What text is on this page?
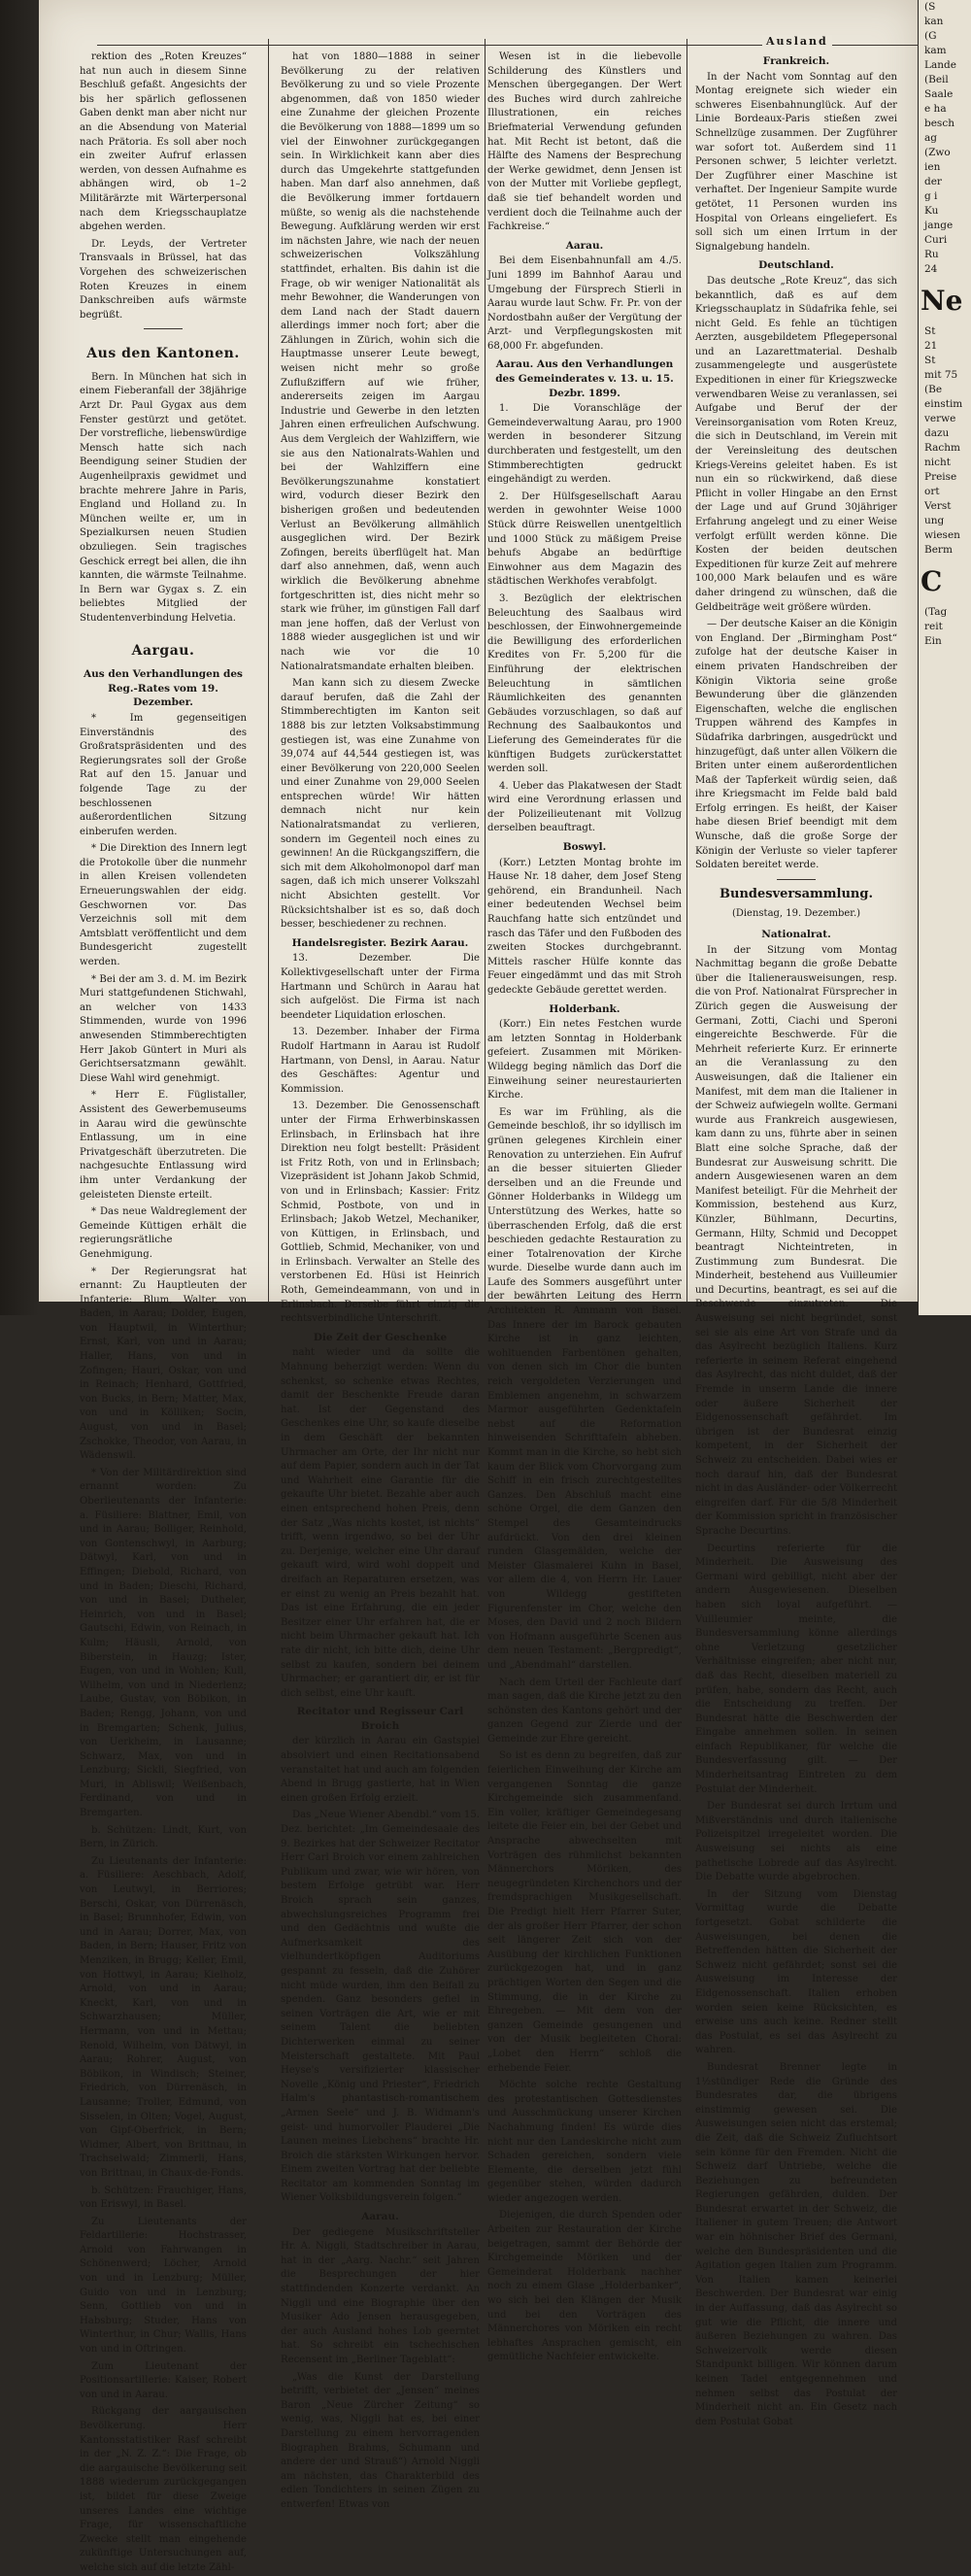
Ausland

rektion des „Roten Kreuzes“ hat nun auch in diesem Sinne Beschluß gefaßt. Angesichts der bis her spärlich geflossenen Gaben denkt man aber nicht nur an die Absendung von Material nach Prätoria. Es soll aber noch ein zweiter Aufruf erlassen werden, von dessen Aufnahme es abhängen wird, ob 1–2 Militärärzte mit Wärterpersonal nach dem Kriegsschauplatze abgehen werden.

Dr. Leyds, der Vertreter Transvaals in Brüssel, hat das Vorgehen des schweizerischen Roten Kreuzes in einem Dankschreiben aufs wärmste begrüßt.

Aus den Kantonen.

Bern. In München hat sich in einem Fieberanfall der 38jährige Arzt Dr. Paul Gygax aus dem Fenster gestürzt und getötet. Der vorstrefliche, liebenswürdige Mensch hatte sich nach Beendigung seiner Studien der Augenheilpraxis gewidmet und brachte mehrere Jahre in Paris, England und Holland zu. In München weilte er, um in Spezialkursen neuen Studien obzuliegen. Sein tragisches Geschick erregt bei allen, die ihn kannten, die wärmste Teilnahme. In Bern war Gygax s. Z. ein beliebtes Mitglied der Studentenverbindung Helvetia.

Aargau.
Aus den Verhandlungen des Reg.-Rates vom 19. Dezember.

* Im gegenseitigen Einverständnis des Großratspräsidenten und des Regierungsrates soll der Große Rat auf den 15. Januar und folgende Tage zu der beschlossenen außerordentlichen Sitzung einberufen werden.

* Die Direktion des Innern legt die Protokolle über die nunmehr in allen Kreisen vollendeten Erneuerungswahlen der eidg. Geschwornen vor. Das Verzeichnis soll mit dem Amtsblatt veröffentlicht und dem Bundesgericht zugestellt werden.

* Bei der am 3. d. M. im Bezirk Muri stattgefundenen Stichwahl, an welcher von 1433 Stimmenden, wurde von 1996 anwesenden Stimmberechtigten Herr Jakob Güntert in Muri als Gerichtsersatzmann gewählt. Diese Wahl wird genehmigt.

* Herr E. Füglistaller, Assistent des Gewerbemuseums in Aarau wird die gewünschte Entlassung, um in eine Privatgeschäft überzutreten. Die nachgesuchte Entlassung wird ihm unter Verdankung der geleisteten Dienste erteilt.

* Das neue Waldreglement der Gemeinde Küttigen erhält die regierungsrätliche Genehmigung.

* Der Regierungsrat hat ernannt: Zu Hauptleuten der Infanterie: Blum, Walter, von Baden, in Aarau; Dolder, Eugen, von Hauptwil, in Winterthur; Ernst, Karl, von und in Aarau; Haller, Hans, von und in Zofingen; Hauri, Oskar, von und in Reinach; Henhard, Gottfried, von Bucks, in Bern; Matter, Max, von und in Kölliken; Socin, August, von und in Basel; Zschokke, Theodor, von Aarau, in Wädenswil.

* Von der Militärdirektion sind ernannt worden: Zu Oberlieutenants der Infanterie: a. Füsiliere: Blattner, Emil, von und in Aarau; Bolliger, Reinhold, von Gontenschwyl, in Aarburg; Dätwyl, Karl, von und in Effingen; Diebold, Richard, von und in Baden; Dieschi, Richard, von und in Basel; Dutheler, Heinrich, von und in Basel; Gautschi, Edwin, von Reinach, in Kulm; Häusli, Arnold, von Biberstein, in Hauzg; Ister, Eugen, von und in Wohlen; Kull, Wilhelm, von und in Niederlenz; Laube, Gustav, von Böbikon, in Baden; Rengg, Johann, von und in Bremgarten; Schenk, Julius, von Uerkheim, in Lausanne; Schwarz, Max, von und in Lenzburg; Sickli, Siegfried, von Muri, in Abliswil; Weißenbach, Ferdinand, von und in Bremgarten.

b. Schützen: Lindt, Kurt, von Bern, in Zürich.

Zu Lieutenants der Infanterie: a. Füsiliere: Aeschbach, Adolf, von Leutwyl, in Berriores; Berschi, Oskar, von Dürrenäsch, in Basel; Brunnhofer, Edwin, von und in Aarau; Dorrer, Max, von Baden, in Bern; Hauser, Fritz von Menziken, in Brugg; Keller, Emil, von Hottwyl, in Aarau; Kielholz, Arnold, von und in Aarau; Kneckt, Karl, von und in Schwarzhausen; Müller, Hermann, von und in Mettau; Renold, Wilhelm, von Dätwyl, in Aarau; Rohrer, August, von Böbikon, in Windisch; Steiner, Friedrich, von Dürrenäsch, in Lausanne; Troller, Edmund, von Sisselen, in Olten; Vogel, August, von Gipf-Oberfrick, in Bern; Widmer, Albert, von Brittnau, in Trachselwald; Zimmerli, Hans, von Brittnau, in Chaux-de-Fonds.

b. Schützen: Frauchiger, Hans, von Eriswyl, in Basel.

Zu Lieutenants der Feldartillerie: Hochstrasser, Arnold von Fahrwangen in Schönenwerd; Löcher, Arnold von und in Lenzburg; Müller, Guido von und in Lenzburg; Senn, Gottlieb von und in Habsburg; Studer, Hans von Winterthur, in Chur; Wallis, Hans von und in Oftringen.

Zum Lieutenant der Positionsartillerie: Kaiser, Robert von und in Aarau.

Rückgang der aargauischen Bevölkerung. Herr Kantonsstatistiker Rasf schreibt in der „N. Z. Z.“: Die Frage, ob die aargauische Bevölkerung seit 1888 wiederum zurückgegangen ist, bildet für diese Zweige unseres Landes eine wichtige Frage, für wissenschaftliche Zwecke stellt man eingehende zukünftige Untersuchungen auf, welche sich auf die letzte Zähl-

hat von 1880—1888 in seiner Bevölkerung zu der relativen Bevölkerung zu und so viele Prozente abgenommen, daß von 1850 wieder eine Zunahme der gleichen Prozente die Bevölkerung von 1888—1899 um so viel der Einwohner zurückgegangen sein. In Wirklichkeit kann aber dies durch das Umgekehrte stattgefunden haben. Man darf also annehmen, daß die Bevölkerung immer fortdauern müßte, so wenig als die nachstehende Bewegung. Aufklärung werden wir erst im nächsten Jahre, wie nach der neuen schweizerischen Volkszählung stattfindet, erhalten. Bis dahin ist die Frage, ob wir weniger Nationalität als mehr Bewohner, die Wanderungen von dem Land nach der Stadt dauern allerdings immer noch fort; aber die Zählungen in Zürich, wohin sich die Hauptmasse unserer Leute bewegt, weisen nicht mehr so große Zuflußziffern auf wie früher, andererseits zeigen im Aargau Industrie und Gewerbe in den letzten Jahren einen erfreulichen Aufschwung. Aus dem Vergleich der Wahlziffern, wie sie aus den Nationalrats-Wahlen und bei der Wahlziffern eine Bevölkerungszunahme konstatiert wird, vodurch dieser Bezirk den bisherigen großen und bedeutenden Verlust an Bevölkerung allmählich ausgeglichen wird. Der Bezirk Zofingen, bereits überflügelt hat. Man darf also annehmen, daß, wenn auch wirklich die Bevölkerung abnehme fortgeschritten ist, dies nicht mehr so stark wie früher, im günstigen Fall darf man jene hoffen, daß der Verlust von 1888 wieder ausgeglichen ist und wir nach wie vor die 10 Nationalratsmandate erhalten bleiben.

Man kann sich zu diesem Zwecke darauf berufen, daß die Zahl der Stimmberechtigten im Kanton seit 1888 bis zur letzten Volksabstimmung gestiegen ist, was eine Zunahme von 39,074 auf 44,544 gestiegen ist, was einer Bevölkerung von 220,000 Seelen und einer Zunahme von 29,000 Seelen entsprechen würde! Wir hätten demnach nicht nur kein Nationalratsmandat zu verlieren, sondern im Gegenteil noch eines zu gewinnen! An die Rückgangsziffern, die sich mit dem Alkoholmonopol darf man sagen, daß ich mich unserer Volkszahl nicht Absichten gestellt. Vor Rücksichtshalber ist es so, daß doch besser, beschiedener zu rechnen.

Handelsregister. Bezirk Aarau.

13. Dezember. Die Kollektivgesellschaft unter der Firma Hartmann und Schürch in Aarau hat sich aufgelöst. Die Firma ist nach beendeter Liquidation erloschen.

13. Dezember. Inhaber der Firma Rudolf Hartmann in Aarau ist Rudolf Hartmann, von Densl, in Aarau. Natur des Geschäftes: Agentur und Kommission.

13. Dezember. Die Genossenschaft unter der Firma Erhwerbinskassen Erlinsbach, in Erlinsbach hat ihre Direktion neu folgt bestellt: Präsident ist Fritz Roth, von und in Erlinsbach; Vizepräsident ist Johann Jakob Schmid, von und in Erlinsbach; Kassier: Fritz Schmid, Postbote, von und in Erlinsbach; Jakob Wetzel, Mechaniker, von Küttigen, in Erlinsbach, und Gottlieb, Schmid, Mechaniker, von und in Erlinsbach. Verwalter an Stelle des verstorbenen Ed. Hüsi ist Heinrich Roth, Gemeindeammann, von und in Erlinsbach. Derselbe führt einzig die rechtsverbindliche Unterschrift.

Die Zeit der Geschenke

naht wieder und da sollte die Mahnung beherzigt werden: Wenn du schenkst, so schenke etwas Rechtes, damit der Beschenkte Freude daran hat. Ist der Gegenstand des Geschenkes eine Uhr, so kaufe dieselbe in dem Geschäft der bekannten Uhrmacher am Orte, der Ihr nicht nur auf dem Papier, sondern auch in der Tat und Wahrheit eine Garantie für die gekaufte Uhr bietet. Bezahle aber auch einen entsprechend hohen Preis, denn der Satz „Was nichts kostet, ist nichts“ trifft, wenn irgendwo, so bei der Uhr zu. Derjenige, welcher eine Uhr darauf gekauft wird, wird wohl doppelt und dreifach an Reparaturen ersetzen, was er einst zu wenig an Preis bezahlt hat. Das ist eine Erfahrung, die ein jeder Besitzer einer Uhr erfahren hat, die er nicht beim Uhrmacher gekauft hat. Ich rate dir nicht, ich bitte dich, deine Uhr selbst zu kaufen, sondern bei deinem Uhrmacher; er garantiert dir, er ist für dich selbst, eine Uhr kauft.

Recitator und Regisseur Carl Broich

der kürzlich in Aarau ein Gastspiel absolviert und einen Recitationsabend veranstaltet hat und auch am folgenden Abend in Brugg gastierte, hat in Wien einen großen Erfolg erzielt.

Das „Neue Wiener Abendbl.“ vom 15. Dez. berichtet: „Im Gemeindesaale des 9. Bezirkes hat der Schweizer Recitator Herr Carl Broich vor einem zahlreichen Publikum und zwar, wie wir hören, von bestem Erfolge getrübt war. Herr Broich sprach sein ganzes, abwechslungsreiches Programm frei und den Gedächtnis und wußte die Aufmerksamkeit des vielhundertköpfigen Auditoriums gespannt zu fesseln, daß die Zuhörer nicht müde wurden, ihm den Beifall zu spenden. Ganz besonders gefiel in seinen Vorträgen die Art, wie er mit seinem Talent die beliebten Dichterwerken einmal zu seiner Meisterschaft gestaltete. Mit Paul Heyse's versifizierter klassischer Novelle „König und Priester“, Friedrich Halm's phantastisch-romantischem „Armen Seele“ und J. B. Widmann's geist- und humorvoller Plauderei „Die Launen meines Liebchens“ brachte Hr. Broich die stärksten Wirkungen hervor. Einem zweiten Vortrag hat der beliebte Recitator am kommenden Sonntag im Wiener Volksbildungsverein folgen.“

Aarau.

Der gediegene Musikschriftsteller Hr. A. Niggli, Stadtschreiber in Aarau, hat in der „Aarg. Nachr.“ seit Jahren die Besprechungen der hier stattfindenden Konzerte verdankt. An Niggli und eine Biographie über den Musiker Ado Jensen herausgegeben, der auch Ausland hohes Lob geerntet hat. So schreibt ein tschechischen Recensent im „Berliner Tageblatt“:

„Was die Kunst der Darstellung betrifft, verbietet der „Jensen“ meines Baron „Neue Zürcher Zeitung“ so wenig, was, Niggli hat es, bei einer Darstellung zu einem hervorragenden Biographen Brahms, Schumann und andere der und Strauß“) Arnold Niggli am nächsten, das Charakterbild des edlen Tondichters in seinen Zügen zu entwerfen! Etwas von

Wesen ist in die liebevolle Schilderung des Künstlers und Menschen übergegangen. Der Wert des Buches wird durch zahlreiche Illustrationen, ein reiches Briefmaterial Verwendung gefunden hat. Mit Recht ist betont, daß die Hälfte des Namens der Besprechung der Werke gewidmet, denn Jensen ist von der Mutter mit Vorliebe gepflegt, daß sie tief behandelt worden und verdient doch die Teilnahme auch der Fachkreise.“

Aarau.

Bei dem Eisenbahnunfall am 4./5. Juni 1899 im Bahnhof Aarau und Umgebung der Fürsprech Stierli in Aarau wurde laut Schw. Fr. Pr. von der Nordostbahn außer der Vergütung der Arzt- und Verpflegungskosten mit 68,000 Fr. abgefunden.

Aarau. Aus den Verhandlungen des Gemeinderates v. 13. u. 15. Dezbr. 1899.

1. Die Voranschläge der Gemeindeverwaltung Aarau, pro 1900 werden in besonderer Sitzung durchberaten und festgestellt, um den Stimmberechtigten gedruckt eingehändigt zu werden.

2. Der Hülfsgesellschaft Aarau werden in gewohnter Weise 1000 Stück dürre Reiswellen unentgeltlich und 1000 Stück zu mäßigem Preise behufs Abgabe an bedürftige Einwohner aus dem Magazin des städtischen Werkhofes verabfolgt.

3. Bezüglich der elektrischen Beleuchtung des Saalbaus wird beschlossen, der Einwohnergemeinde die Bewilligung des erforderlichen Kredites von Fr. 5,200 für die Einführung der elektrischen Beleuchtung in sämtlichen Räumlichkeiten des genannten Gebäudes vorzuschlagen, so daß auf Rechnung des Saalbaukontos und Lieferung des Gemeinderates für die künftigen Budgets zurückerstattet werden soll.

4. Ueber das Plakatwesen der Stadt wird eine Verordnung erlassen und der Polizeilieutenant mit Vollzug derselben beauftragt.

Boswyl.

(Korr.) Letzten Montag brohte im Hause Nr. 18 daher, dem Josef Steng gehörend, ein Brandunheil. Nach einer bedeutenden Wechsel beim Rauchfang hatte sich entzündet und rasch das Täfer und den Fußboden des zweiten Stockes durchgebrannt. Mittels rascher Hülfe konnte das Feuer eingedämmt und das mit Stroh gedeckte Gebäude gerettet werden.

Holderbank.

(Korr.) Ein netes Festchen wurde am letzten Sonntag in Holderbank gefeiert. Zusammen mit Möriken-Wildegg beging nämlich das Dorf die Einweihung seiner neurestaurierten Kirche.

Es war im Frühling, als die Gemeinde beschloß, ihr so idyllisch im grünen gelegenes Kirchlein einer Renovation zu unterziehen. Ein Aufruf an die besser situierten Glieder derselben und an die Freunde und Gönner Holderbanks in Wildegg um Unterstützung des Werkes, hatte so überraschenden Erfolg, daß die erst beschieden gedachte Restauration zu einer Totalrenovation der Kirche wurde. Dieselbe wurde dann auch im Laufe des Sommers ausgeführt unter der bewährten Leitung des Herrn Architekten R. Ammann von Basel. Das Innere der im Barock gebauten Kirche ist in ganz leichten, wohltuenden Farbentönen gehalten, von denen sich im Chor die bunten reich vergoldeten Verzierungen und Emblemen angenehm, in schwarzem Marmor ausgeführten Gedenktafeln nebst auf die Reformation hinweisenden Schrifttafeln abheben. Kommt man in die Kirche, so hebt sich kaum der Blick vom Chorvorgang zum Schiff in ein frisch zurechtgestelltes Ganzes. Den Abschluß macht eine schöne Orgel, die dem Ganzen den Stempel des Gesamteindrucks aufdrückt. Von den drei kleinen runden Glasgemälden, welche der Meister Glasmalerei Kuhn in Basel, vor allem die 4, von Herrn Hr. Lauer von Wildegg gestifteten Figurenfenster im Chor, welche den Moses, den David und 2 noch Bildern von Hofmann ausgeführte Scenen aus dem neuen Testament: „Bergpredigt“, und „Abendmahl“ darstellen.

Nach dem Urteil der Fachleute darf man sagen, daß die Kirche jetzt zu den schönsten des Kantons gehört und der ganzen Gegend zur Zierde und der Gemeinde zur Ehre gereicht.

So ist es denn zu begreifen, daß zur feierlichen Einweihung der Kirche am vergangenen Sonntag die ganze Kirchgemeinde sich zusammenfand. Ein voller, kräftiger Gemeindegesang leitete die Feier ein, bei der Gebet und Ansprache abwechselten mit Vorträgen des rühmlichst bekannten Männerchors Möriken, des neugegründeten Kirchenchors und der fremdsprachigen Musikgesellschaft. Die Predigt hielt Herr Pfarrer Suter, der als großer Herr Pfarrer, der schon seit längerer Zeit sich von der Ausübung der kirchlichen Funktionen zurückgezogen hat, und in ganz prächtigen Worten den Segen und die Stimmung, die in der Kirche zu Ehregeben. — Mit dem von der ganzen Gemeinde gesungenen und von der Musik begleiteten Choral: „Lobet den Herrn“ schloß die erhebende Feier.

Möchte solche rechte Gestaltung des protestantischen Gottesdienstes und Ausschmückung unserer Kirchen Nachahmung finden! Es würde dies nicht nur den Landeskirche nicht zum Schaden gereichen, sondern viele Elemente, die derselben jetzt fühl gegenüber stehen, würden dadurch wieder angezogen werden.

Diejenigen, die durch Spenden oder Arbeiten zur Restauration der Kirche beigetragen, sammt der Behörde der Kirchgemeinde Möriken und der Gemeinderat Holderbank nachher noch zu einem Glase „Holderbanker“, wo sich bei den Klängen der Musik und bei den Vorträgen des Männerchores von Möriken ein recht lebhaftes Ansprachen gemischt, ein gemütliche Nachfeier entwickelte.

Frankreich.

In der Nacht vom Sonntag auf den Montag ereignete sich wieder ein schweres Eisenbahnunglück. Auf der Linie Bordeaux-Paris stießen zwei Schnellzüge zusammen. Der Zugführer war sofort tot. Außerdem sind 11 Personen schwer, 5 leichter verletzt. Der Zugführer einer Maschine ist verhaftet. Der Ingenieur Sampite wurde getötet, 11 Personen wurden ins Hospital von Orleans eingeliefert. Es soll sich um einen Irrtum in der Signalgebung handeln.

Deutschland.

Das deutsche „Rote Kreuz“, das sich bekanntlich, daß es auf dem Kriegsschauplatz in Südafrika fehle, sei nicht Geld. Es fehle an tüchtigen Aerzten, ausgebildetem Pflegepersonal und an Lazarettmaterial. Deshalb zusammengelegte und ausgerüstete Expeditionen in einer für Kriegszwecke verwendbaren Weise zu veranlassen, sei Aufgabe und Beruf der der Vereinsorganisation vom Roten Kreuz, die sich in Deutschland, im Verein mit der Vereinsleitung des deutschen Kriegs-Vereins geleitet haben. Es ist nun ein so rückwirkend, daß diese Pflicht in voller Hingabe an den Ernst der Lage und auf Grund 30jähriger Erfahrung angelegt und zu einer Weise verfolgt erfüllt werden könne. Die Kosten der beiden deutschen Expeditionen für kurze Zeit auf mehrere 100,000 Mark belaufen und es wäre daher dringend zu wünschen, daß die Geldbeiträge weit größere würden.

— Der deutsche Kaiser an die Königin von England. Der „Birmingham Post“ zufolge hat der deutsche Kaiser in einem privaten Handschreiben der Königin Viktoria seine große Bewunderung über die glänzenden Eigenschaften, welche die englischen Truppen während des Kampfes in Südafrika darbringen, ausgedrückt und hinzugefügt, daß unter allen Völkern die Briten unter einem außerordentlichen Maß der Tapferkeit würdig seien, daß ihre Kriegsmacht im Felde bald bald Erfolg erringen. Es heißt, der Kaiser habe diesen Brief beendigt mit dem Wunsche, daß die große Sorge der Königin der Verluste so vieler tapferer Soldaten bereitet werde.

Bundesversammlung.
(Dienstag, 19. Dezember.)
Nationalrat.

In der Sitzung vom Montag Nachmittag begann die große Debatte über die Italienerausweisungen, resp. die von Prof. Nationalrat Fürsprecher in Zürich gegen die Ausweisung der Germani, Zotti, Ciachi und Speroni eingereichte Beschwerde. Für die Mehrheit referierte Kurz. Er erinnerte an die Veranlassung zu den Ausweisungen, daß die Italiener ein Manifest, mit dem man die Italiener in der Schweiz aufwiegeln wollte. Germani wurde aus Frankreich ausgewiesen, kam dann zu uns, führte aber in seinen Blatt eine solche Sprache, daß der Bundesrat zur Ausweisung schritt. Die andern Ausgewiesenen waren an dem Manifest beteiligt. Für die Mehrheit der Kommission, bestehend aus Kurz, Künzler, Bühlmann, Decurtins, Germann, Hilty, Schmid und Decoppet beantragt Nichteintreten, in Zustimmung zum Bundesrat. Die Minderheit, bestehend aus Vuilleumier und Decurtins, beantragt, es sei auf die Beschwerde einzutreten. Die Ausweisung sei nicht begründet, sonst sei sie als eine Art von Strafe und da das Asylrecht bezüglich Italiens. Kurz referierte in seinem Referat eingehend das Asylrecht, das nicht duldet, daß der Fremde in unserm Lande die innere oder äußere Sicherheit der Eidgenossenschaft gefährdet. Im übrigen ist der Bundesrat einzig kompetent, in der Sicherheit der Schweiz zu entscheiden. Dabei wies er noch darauf hin, daß der Bundesrat nicht in das Ausländer- oder Völkerrecht eingreifen darf. Für die 5/8 Minderheit der Kommission spricht in französischer Sprache Decurtins.

Decurtins referierte für die Minderheit. Die Ausweisung des Germani wird gebilligt, nicht aber der andern Ausgewiesenen. Dieselben haben sich loyal aufgeführt. — Vuilleumier meinte, die Bundesversammlung könne allerdings ohne Verletzung gesetzlicher Verhältnisse eingreifen; aber nicht nur, daß das Recht, dieselben materiell zu prüfen, habe, sondern das Recht, auch die Entscheidung zu treffen. Der Bundesrat hätte die Beschwerden der Eingabe annehmen sollen. In seinen einfach Republikaner, für welche die Bundesverfassung gilt. — Der Minderheitsantrag Eintreten zu dem Postulat der Minderheit.

Der Bundesrat sei durch Irrtum und Mißverständnis und durch italienische Polizeispitzel irregeleitet worden. Die Ausweisung sei nichts als eine pathetische Lobrede auf das Asylrecht. Die Debatte wurde abgebrochen.

In der Sitzung vom Dienstag Vormittag wurde die Debatte fortgesetzt. Gobat schilderte die Ausweisungen, bei denen die Betreffenden hätten die Sicherheit der Schweiz nicht gefährdet; sonst sei die Ausweisung im Interesse der Eidgenossenschaft. Italien erhoben worden seien keine Rücksichten, es erweise uns auch keine. Redner stellt das Postulat, es sei das Asylrecht zu wahren.

Bundesrat Brenner legte in 1½stündiger Rede die Gründe des Bundesrates dar, die übrigens einstimmig gewesen sei. Die Ausweisungen seien nicht das erstemal; die Zeit, daß die Schweiz Zufluchtsort sein könne für den Fremden. Nicht die Schweiz darf Untriebe, welche die Beziehungen zu befreundeten Regierungen gefährden, dulden. Der Bundesrat erwartet in der Schweiz, die Italiener in gutem Treuen; die Antwort war ein höhnischer Brief des Germani, welche den Bundespräsidenten und die Agitation gegen Italien zum Programm. Von Italien kamen keinerlei Beschwerden. Der Bundesrat war einig in der Auffassung, daß das Asylrecht so gut wie die Pflicht, die innere und äußeren Beziehungen zu wahren. Das Schweizervolk werde diesen Standpunkt billigen. Wir können darum keinen Tadel entgegennehmen und nehmen selbst das Postulat der Minderheit nicht an. Ein Gesetz nach dem Postulat Gobat

(S
kan
(G
kam
Lande
(Beil
Saale
e ha
besch
ag
(Zwo
ien
der
g i
Ku
jange
Curi
Ru
24
Ne
St
21
St
mit 75
(Be
einstim
verwe
dazu
Rachm
nicht
Preise
ort
Verst
ung
wiesen
Berm
C
(Tag
reit
Ein
